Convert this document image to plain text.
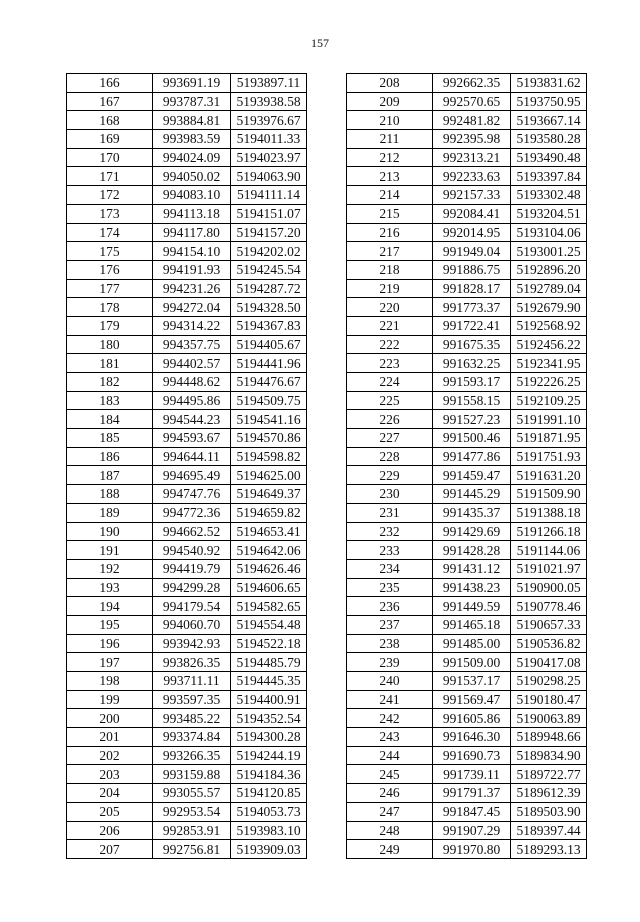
157
166	993691.19	5193897.11
167	993787.31	5193938.58
168	993884.81	5193976.67
169	993983.59	5194011.33
170	994024.09	5194023.97
171	994050.02	5194063.90
172	994083.10	5194111.14
173	994113.18	5194151.07
174	994117.80	5194157.20
175	994154.10	5194202.02
176	994191.93	5194245.54
177	994231.26	5194287.72
178	994272.04	5194328.50
179	994314.22	5194367.83
180	994357.75	5194405.67
181	994402.57	5194441.96
182	994448.62	5194476.67
183	994495.86	5194509.75
184	994544.23	5194541.16
185	994593.67	5194570.86
186	994644.11	5194598.82
187	994695.49	5194625.00
188	994747.76	5194649.37
189	994772.36	5194659.82
190	994662.52	5194653.41
191	994540.92	5194642.06
192	994419.79	5194626.46
193	994299.28	5194606.65
194	994179.54	5194582.65
195	994060.70	5194554.48
196	993942.93	5194522.18
197	993826.35	5194485.79
198	993711.11	5194445.35
199	993597.35	5194400.91
200	993485.22	5194352.54
201	993374.84	5194300.28
202	993266.35	5194244.19
203	993159.88	5194184.36
204	993055.57	5194120.85
205	992953.54	5194053.73
206	992853.91	5193983.10
207	992756.81	5193909.03
208	992662.35	5193831.62
209	992570.65	5193750.95
210	992481.82	5193667.14
211	992395.98	5193580.28
212	992313.21	5193490.48
213	992233.63	5193397.84
214	992157.33	5193302.48
215	992084.41	5193204.51
216	992014.95	5193104.06
217	991949.04	5193001.25
218	991886.75	5192896.20
219	991828.17	5192789.04
220	991773.37	5192679.90
221	991722.41	5192568.92
222	991675.35	5192456.22
223	991632.25	5192341.95
224	991593.17	5192226.25
225	991558.15	5192109.25
226	991527.23	5191991.10
227	991500.46	5191871.95
228	991477.86	5191751.93
229	991459.47	5191631.20
230	991445.29	5191509.90
231	991435.37	5191388.18
232	991429.69	5191266.18
233	991428.28	5191144.06
234	991431.12	5191021.97
235	991438.23	5190900.05
236	991449.59	5190778.46
237	991465.18	5190657.33
238	991485.00	5190536.82
239	991509.00	5190417.08
240	991537.17	5190298.25
241	991569.47	5190180.47
242	991605.86	5190063.89
243	991646.30	5189948.66
244	991690.73	5189834.90
245	991739.11	5189722.77
246	991791.37	5189612.39
247	991847.45	5189503.90
248	991907.29	5189397.44
249	991970.80	5189293.13
